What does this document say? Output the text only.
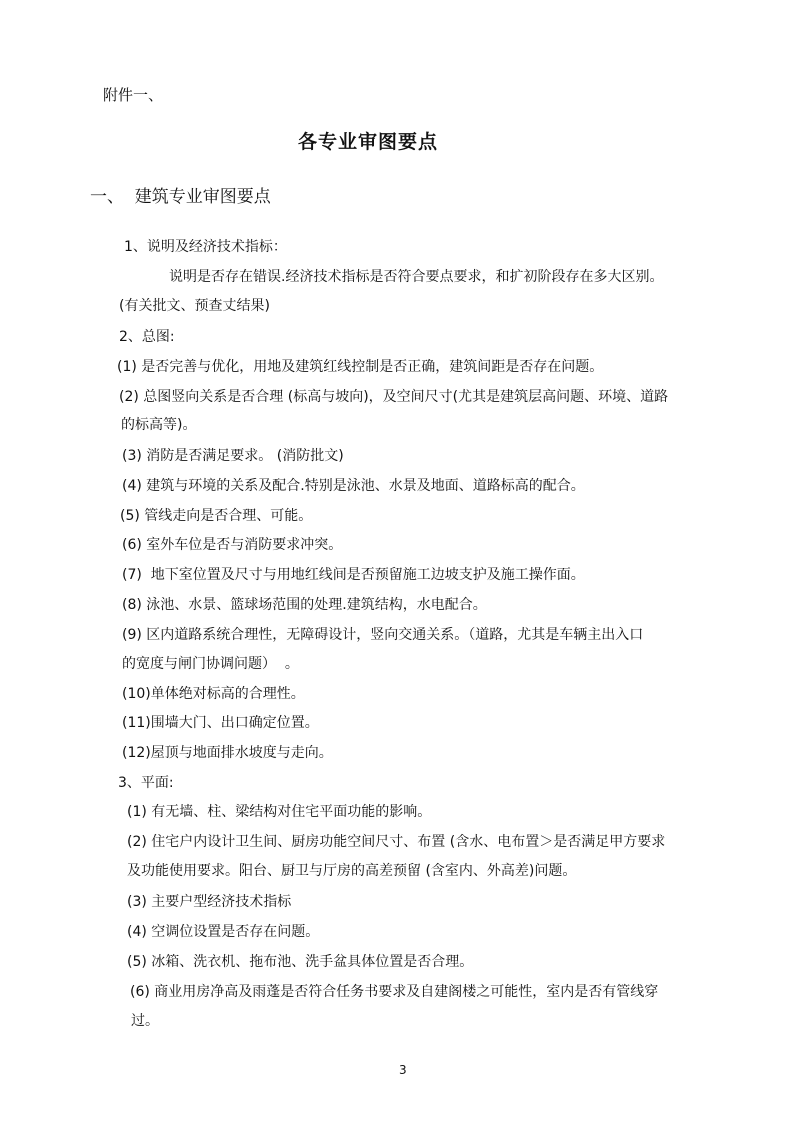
附件一、
各专业审图要点
一、  建筑专业审图要点
1、说明及经济技术指标：
说明是否存在错误.经济技术指标是否符合要点要求，和扩初阶段存在多大区别。
(有关批文、预查丈结果)
2、总图:
(1) 是否完善与优化，用地及建筑红线控制是否正确，建筑间距是否存在问题。
(2) 总图竖向关系是否合理 (标高与坡向)，及空间尺寸(尤其是建筑层高问题、环境、道路
的标高等)。
(3) 消防是否满足要求。 (消防批文)
(4) 建筑与环境的关系及配合.特别是泳池、水景及地面、道路标高的配合。
(5) 管线走向是否合理、可能。
(6) 室外车位是否与消防要求冲突。
(7)  地下室位置及尺寸与用地红线间是否预留施工边坡支护及施工操作面。
(8) 泳池、水景、篮球场范围的处理.建筑结构，水电配合。
(9) 区内道路系统合理性，无障碍设计，竖向交通关系。（道路，尤其是车辆主出入口
的宽度与闸门协调问题）  。
(10)单体绝对标高的合理性。
(11)围墙大门、出口确定位置。
(12)屋顶与地面排水坡度与走向。
3、平面:
(1) 有无墙、柱、梁结构对住宅平面功能的影响。
(2) 住宅户内设计卫生间、厨房功能空间尺寸、布置 (含水、电布置＞是否满足甲方要求
及功能使用要求。阳台、厨卫与厅房的高差预留 (含室内、外高差)问题。
(3) 主要户型经济技术指标
(4) 空调位设置是否存在问题。
(5) 冰箱、洗衣机、拖布池、洗手盆具体位置是否合理。
(6) 商业用房净高及雨蓬是否符合任务书要求及自建阁楼之可能性，室内是否有管线穿
过。
3
